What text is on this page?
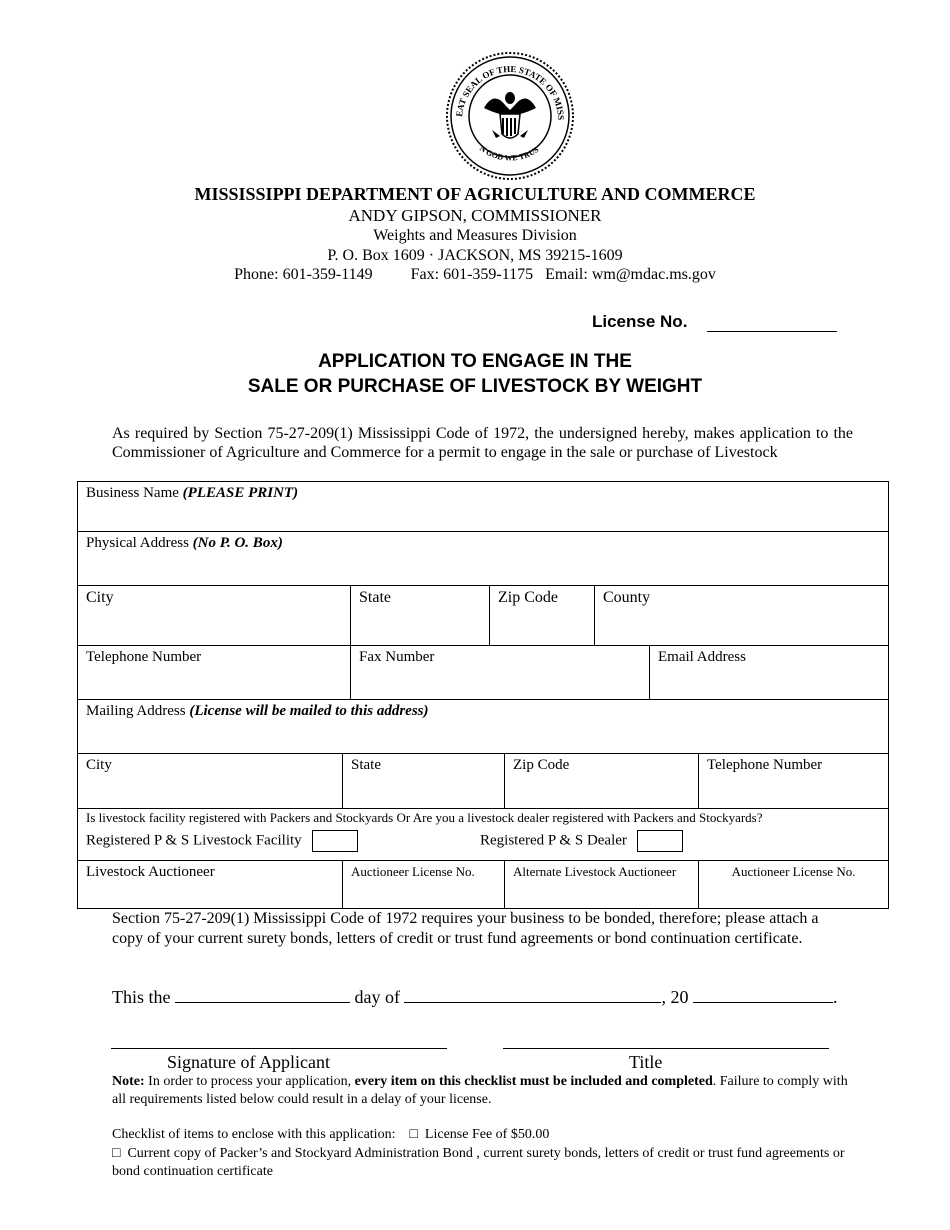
EAT SEAL OF THE STATE OF MISS
N GOD WE TRUS
MISSISSIPPI DEPARTMENT OF AGRICULTURE AND COMMERCE
ANDY GIPSON, COMMISSIONER
Weights and Measures Division
P. O. Box 1609 · JACKSON, MS 39215-1609
Phone: 601-359-1149 Fax: 601-359-1175 Email: wm@mdac.ms.gov
License No.
APPLICATION TO ENGAGE IN THE
SALE OR PURCHASE OF LIVESTOCK BY WEIGHT
As required by Section 75-27-209(1) Mississippi Code of 1972, the undersigned hereby, makes application to the Commissioner of Agriculture and Commerce for a permit to engage in the sale or purchase of Livestock
Business Name (PLEASE PRINT)							
Physical Address (No P. O. Box)							
City		State	Zip Code		County		
Telephone Number		Fax Number				Email Address	
Mailing Address (License will be mailed to this address)							
City	State			Zip Code			Telephone Number

Is livestock facility registered with Packers and Stockyards Or Are you a livestock dealer registered with Packers and Stockyards?
Registered P & S Livestock Facility Registered P & S Dealer							

Livestock Auctioneer	Auctioneer License No.			Alternate Livestock Auctioneer			Auctioneer License No.
Section 75-27-209(1) Mississippi Code of 1972 requires your business to be bonded, therefore; please attach a copy of your current surety bonds, letters of credit or trust fund agreements or bond continuation certificate.
This the	day of	, 20	.
Signature of Applicant	Title
Note: In order to process your application, every item on this checklist must be included and completed. Failure to comply with all requirements listed below could result in a delay of your license.
Checklist of items to enclose with this application: □ License Fee of $50.00
□ Current copy of Packer’s and Stockyard Administration Bond , current surety bonds, letters of credit or trust fund agreements or bond continuation certificate
